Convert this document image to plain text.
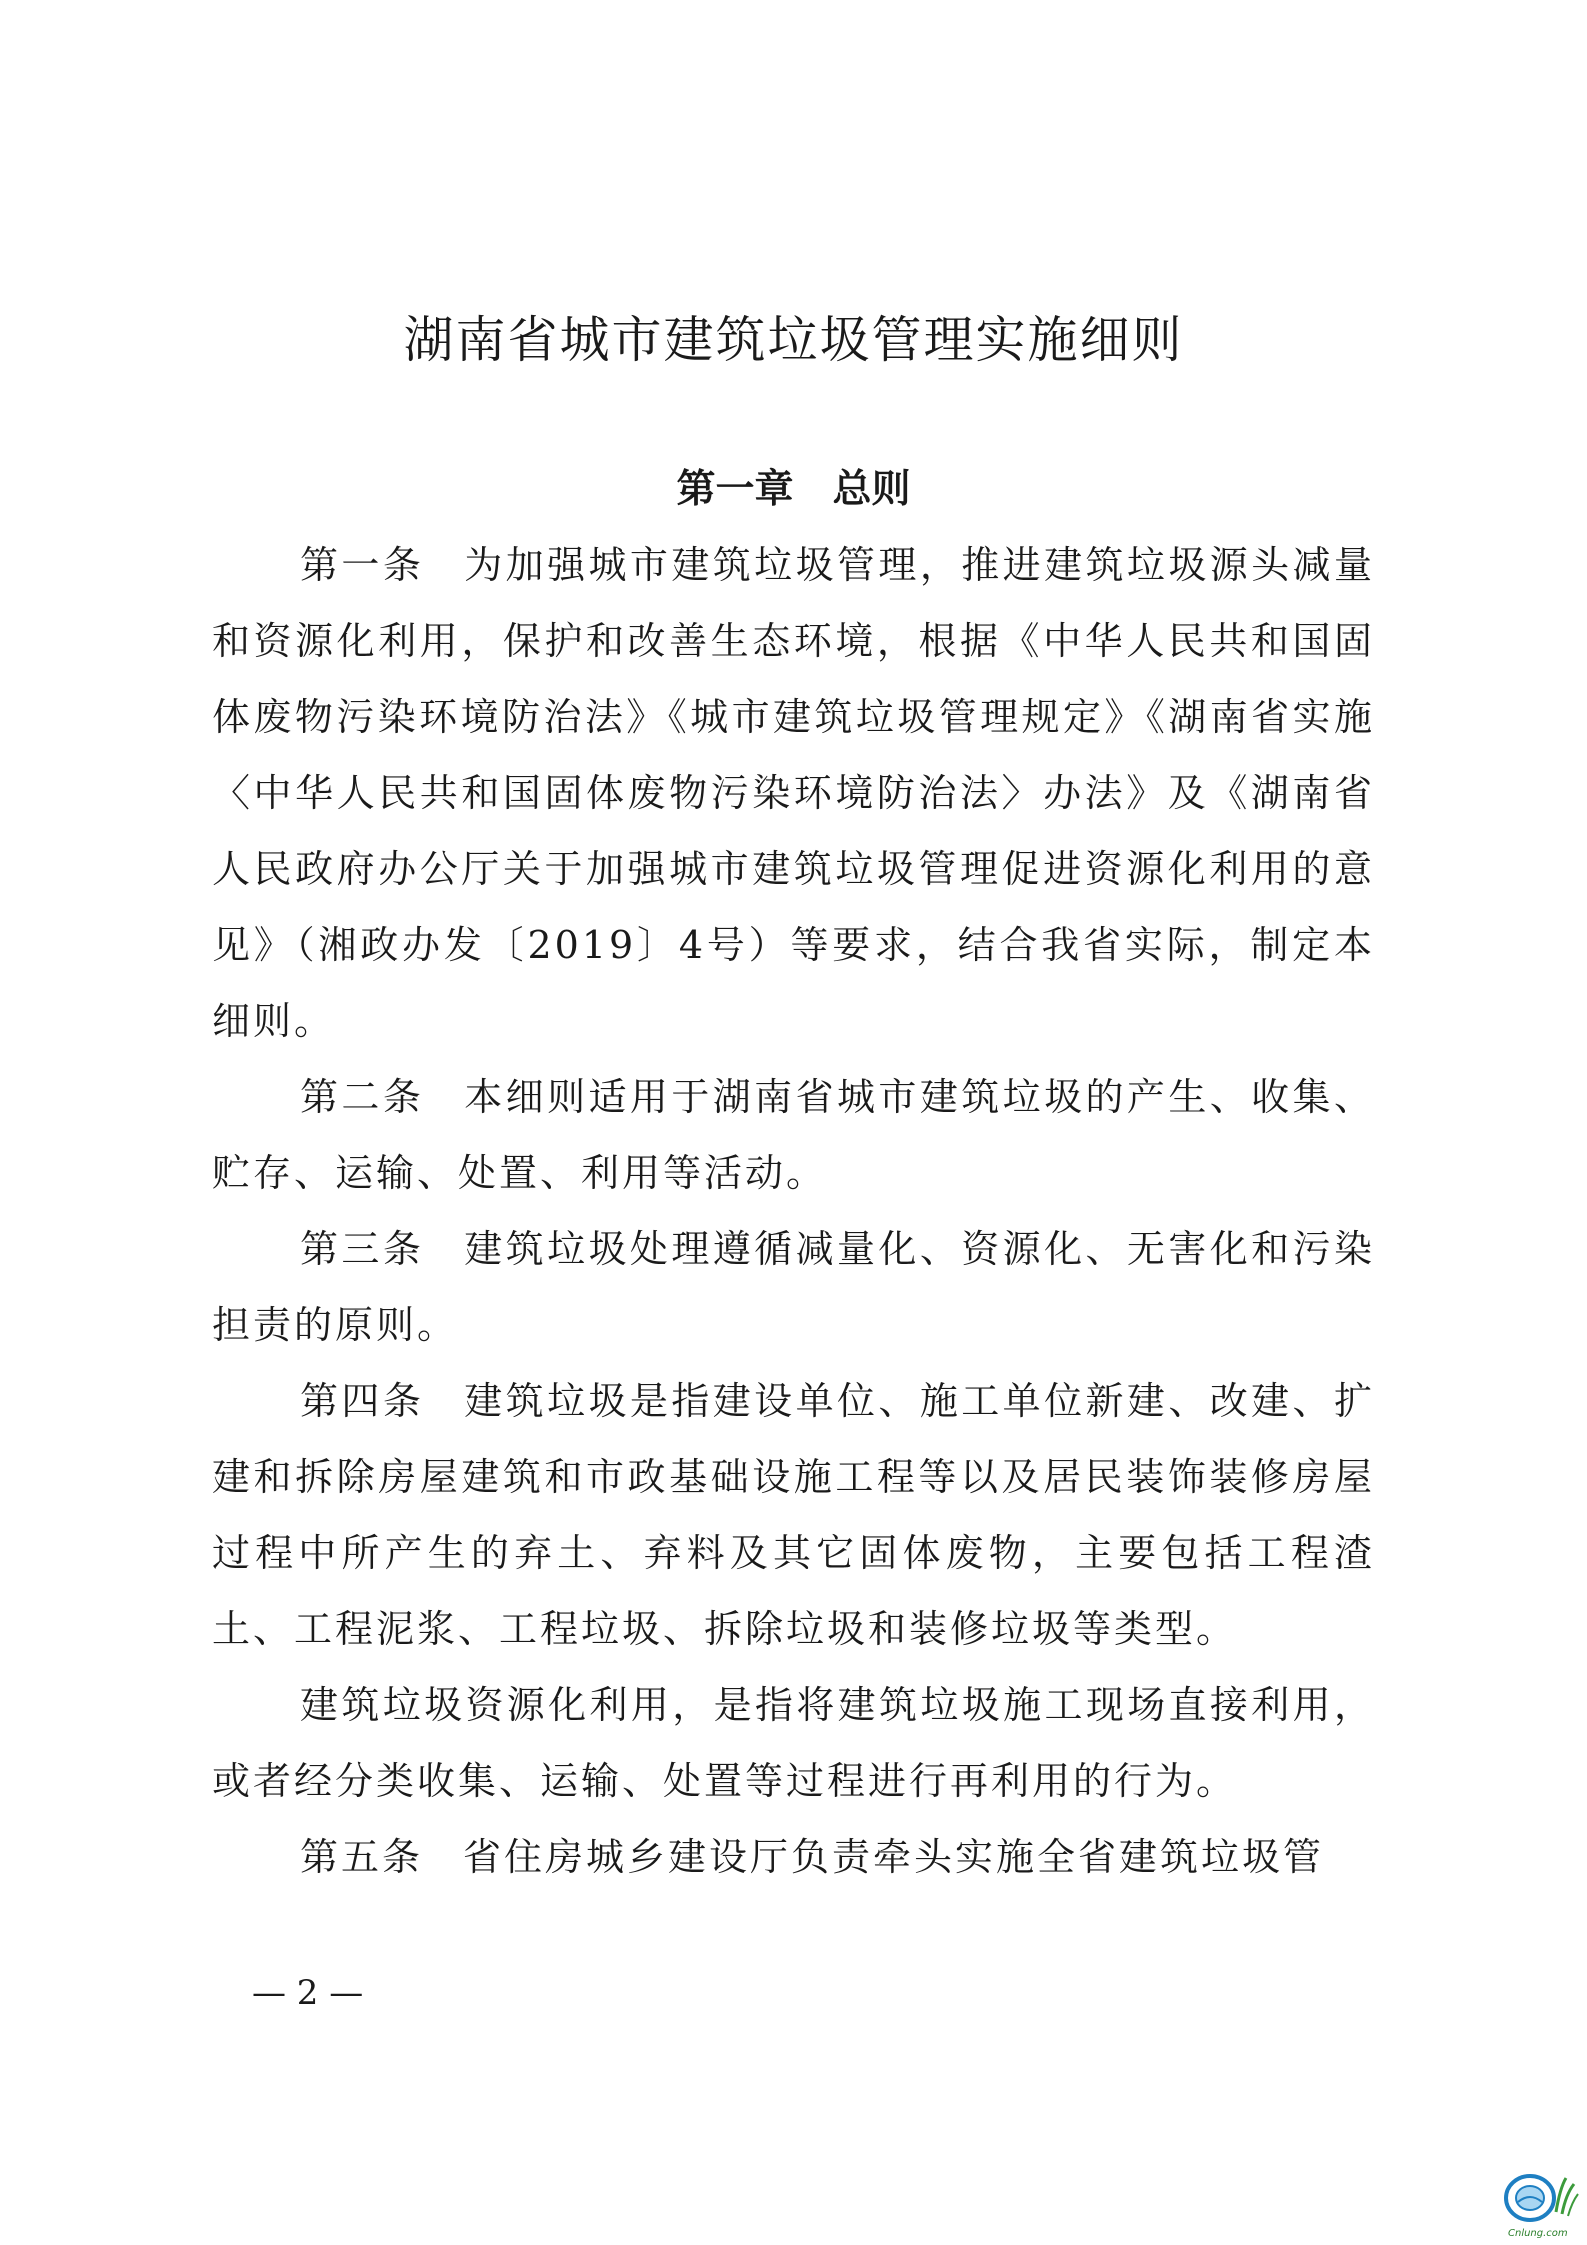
湖南省城市建筑垃圾管理实施细则
第一章　总则

第一条 为加强城市建筑垃圾管理，推进建筑垃圾源头减量和资源化利用，保护和改善生态环境，根据《中华人民共和国固体废物污染环境防治法》《城市建筑垃圾管理规定》《湖南省实施〈中华人民共和国固体废物污染环境防治法〉办法》及《湖南省人民政府办公厅关于加强城市建筑垃圾管理促进资源化利用的意见》（湘政办发〔2019〕4号）等要求，结合我省实际，制定本细则。

第二条 本细则适用于湖南省城市建筑垃圾的产生、收集、贮存、运输、处置、利用等活动。

第三条 建筑垃圾处理遵循减量化、资源化、无害化和污染担责的原则。

第四条 建筑垃圾是指建设单位、施工单位新建、改建、扩建和拆除房屋建筑和市政基础设施工程等以及居民装饰装修房屋过程中所产生的弃土、弃料及其它固体废物，主要包括工程渣土、工程泥浆、工程垃圾、拆除垃圾和装修垃圾等类型。

建筑垃圾资源化利用，是指将建筑垃圾施工现场直接利用，或者经分类收集、运输、处置等过程进行再利用的行为。

第五条 省住房城乡建设厅负责牵头实施全省建筑垃圾管

— 2 —

Cnlung.com
